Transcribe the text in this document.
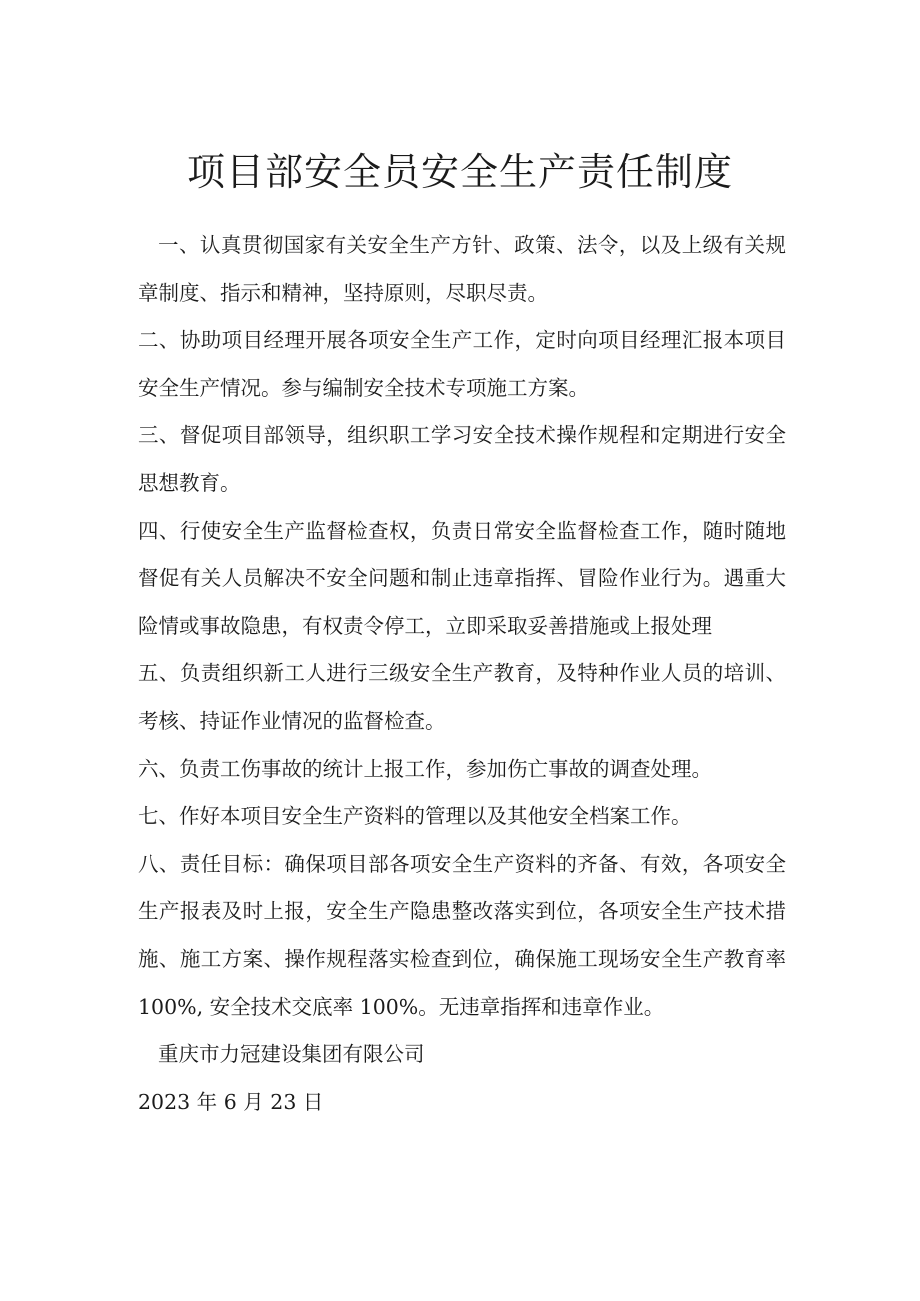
项目部安全员安全生产责任制度

一、认真贯彻国家有关安全生产方针、政策、法令，以及上级有关规章制度、指示和精神，坚持原则，尽职尽责。

二、协助项目经理开展各项安全生产工作，定时向项目经理汇报本项目安全生产情况。参与编制安全技术专项施工方案。

三、督促项目部领导，组织职工学习安全技术操作规程和定期进行安全思想教育。

四、行使安全生产监督检查权，负责日常安全监督检查工作，随时随地督促有关人员解决不安全问题和制止违章指挥、冒险作业行为。遇重大险情或事故隐患，有权责令停工，立即采取妥善措施或上报处理

五、负责组织新工人进行三级安全生产教育，及特种作业人员的培训、考核、持证作业情况的监督检查。

六、负责工伤事故的统计上报工作，参加伤亡事故的调查处理。

七、作好本项目安全生产资料的管理以及其他安全档案工作。

八、责任目标：确保项目部各项安全生产资料的齐备、有效，各项安全生产报表及时上报，安全生产隐患整改落实到位，各项安全生产技术措施、施工方案、操作规程落实检查到位，确保施工现场安全生产教育率 100%, 安全技术交底率 100%。无违章指挥和违章作业。

重庆市力冠建设集团有限公司

2023 年 6 月 23 日
